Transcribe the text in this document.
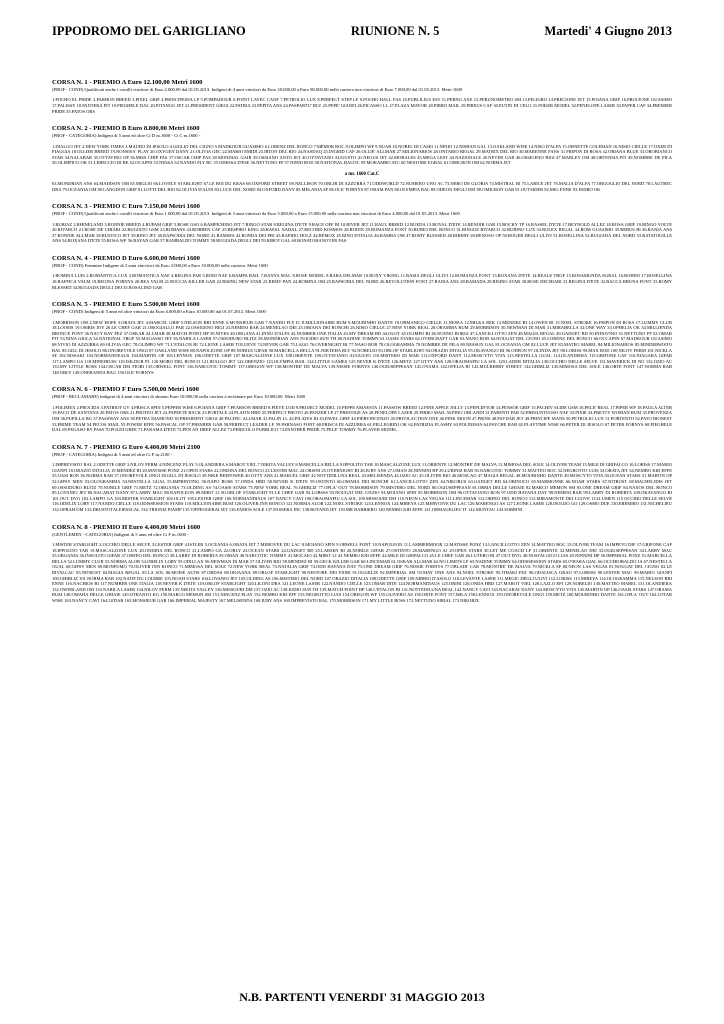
IPPODROMO DEL GARIGLIANO	RIUNIONE N. 5	Martedi' 4 Giugno 2013
CORSA N. 1 - PREMIO A Euro 12.100,00 Metri 1600
(PROF - COND) Qualificati anche i cavalli vincitori di Euro 2.000,00 dal 01.05.2013. Indigeni di 4 anni vincitori da Euro 20.000,00 a Euro 80.000,00 nella carriera non vincitori di Euro 7.000,00 dal 01.05.2013. Metri 1600
1.POCHO EL PRIDE 2.PARHON BREED 3.PIXEL GRIF 4.PRINCIPESSA LP 5.POMPADOUR 6.POINT LAVEC CANF 7.PETROLIO LUX 8.PERFECT STEP LF 9.POCHO HALL FAS 10.PUBLILIUS EST 11.PERNO AXE 12.PERUNOMETRO SM 13.PELIGRO 14.PRECIONE JET 15.POIANA GRIF 16.PROCIONE GUASIMO 17.PALISSY 18.PANTERA PIT 19.PIEGHELE DAL 20.PITANGO JET 21.PRESIDENT GIEGI 22.PATRIA 23.PEPITA ANS 24.PASPARTU' BLV 25.PEPE' GIANFI 26.PICASSO LL 27.PLAZA MAYOR 28.PIRRO MAIL 29.PIREUS CAF 30.PUTIN DI CELO 31.POKER MODEL 32.PENELOPE LASER 33.PAPER CAF 34.PREMIER PRIDE 35.PATOS ORS
CORSA N. 2 - PREMIO B Euro 8.800,00 Metri 1600
(PROF - CATEGORIA) Indigeni di 5 anni ed oltre Ct D m.1600 - Ct C m.1600 -
1.DIALGO JET 2.NEW YORK TIMES 3.MAURO DI JESOLO 4.GIGLIO DEL CIGNO 5.MADKOUR GUASIMO 6.LORENZ DEL RONCO 7.MEMOR ROC 8.OLIMPO WF 9.NUAR 10.NOBEL DI CASEI 11.NINIO 12.NISHAN GAL 13.OAKLAND WISE 14.NISO D'ALFA 15.ORNETTE COLEMAN 16.NISIO CIELLE 17.OXER DI PIAGGIA 18.OLLIER BREED 19.NONSISA' PLAY 20.OXYGEN DANY 21.OLIVIA GEC 22.MARIO EMIDI 23.IRTON DEL RIO 24.NASDAQ 25.INGRID CAF 26.OLLIE' ALLMAR 27.MILIONARIOS 28.ONTARIO REGAL 29.MATRIX DEL RIO 30.MARENNE FANS 31.FRIPON DI ROSA 32.ORIANA BLUE 33.OROBIANCO STAR 34.NALABAR 35.OTTAVINO OP 36.MISS CHIP FAS 37.OSCAR CHIP FAS 38.MONDIAL GAIR 39.OSSIANO ANTO JET 40.OTTAVIANO AUGUSTO 41.NEGUS JET 42.MORALES 43.MEGA LEST 44.NAZIONALE 45.NEVER GAR 46.OSSIGENO BIGI 47.MARLEY OM 48.ORTENSIA PIT 49.NOMBRE DE PILA 50.OLIMPICO OK 51.LEBECCIO DI RE 52.OCAPPA 53.NESSA 54.NANDO FLY RC 55.ODESSA D'ESE 56.NETTUNO FP 57.NINNI ROD 58.NATIONAL BALTIC 59.MOKAMBO ATC 60.NESTORE EGRAL 61.OMICRON OM 62.NORMA JET
a mt. 1600 Cat.C
63.MONDRIAN ANS 64.MADISON OM 65.MIGLIO 66.LOVELY STARLIGHT 67.LE ROI DU KRAS 68.OXFORD STREET 69.NELLISON 70.OBLIR DI AZZURRA 71.ODDWORLD 72.NUMERO UNO AC 73.NERO DE GLORIA 74.MISTRAL BI 75.LARICE JET 76.MALIA D'ALFA 77.ORGOGLIO DEL NORD 78.LAUTREC DRA 79.OCEANIA OM 80.LANGDON GRIF 81.LOTTI DEL RIO 82.OLIVIA D'ALFA 83.LUCE DEL NORD 84.OXFORD DANY 85.MELANIA SF 86.OLE' FORNYS 87.ORAM PAN 88.OLYMPIA BAL 89.ODEON DEGLI DEI 90.OMICRON GAR 91.OUTSIDER 92.MIG ENNE 93.INDRO OK
CORSA N. 3 - PREMIO C Euro 7.150,00 Metri 1600
(PROF - COND) Qualificati anche i cavalli vincitori di Euro 1.000,00 dal 01.05.2013. Indigeni di 3 anni vincitori da Euro 5.000,00 a Euro 15.000,00 nella carriera non vincitori di Euro 4.000,00 dal 01.05.2013. Metri 1600
1.RUBIAZ 2.RHINELAND 3.RONNIE BREED 4.RUPAM GRIF 5.ROSE GSO 6.RAMPICHINO JET 7.RINGO STAR 8.REGINA D'ETE 9.RACE OFF BI 10.RIVER JET 11.RAUL BREED 12.RUEDA 13.ROYAL D'ETE 14.RENOIR GAR 15.ROCKY TP 16.RASSEL D'ETE 17.REYNOLD ALLEZ 18.ROSA GRIF 19.RINGO VOLTE 20.RIVARCO 21.ROSE DE CHIARI 22.RUGGITO GSM 23.ROMANS 24.ROBBEN CAF 25.RESPIRO KING 26.RAFAL NADAL 27.RECORD KOSMOS 28.RODIN 29.ROMANZA FONT 30.RUBIO DEL RONCO 31.RINGOZ RIVARCO 32.RUBINO LUX 33.ROLEX REGAL 34.ROM GUASIMO 35.REBUS BI 36.RANIA ANS 37.RONNIE ALLMAR 38.RUSTICO JET 39.RINO JET 40.RAPSODIA DEL NORD 41.RAMSES 42.RONDA DEI PRI 43.RAPIDO HOLZ 44.REMOX 45.RINO D'ITALIA 46.RAMBA OM 47.ROMY BLESSED 48.RIBERY 49.RENOSO OP 50.ROGER DEGLI ULIVI 51.ROSELLINA 52.RUGIADA DEL NORD 53.RATATOUILLE ANS 54.ROXANA D'ETE 55.ROSA WF 56.RAYAN GAR 57.RAMBALDO TOMMY 58.RUGIADA DEGLI DEI 59.RIBOT GAL 60.RONATOHANOVER FAS
CORSA N. 4 - PREMIO D Euro 6.600,00 Metri 1600
(PROF - COND) Femmine Indigene di 3 anni vincitrici da Euro 3.000,00 a Euro 10.000,00 nella carriera. Metri 1600
1.ROMINA LUIS 2.ROMANTICA LUX 3.ROMANTICA NAF 4.REGINA PAR 5.RODI NAF 6.RAMPA BAIL 7.RANYA MAC 8.ROSE MODEL 9.RARA DELMAR 10.ROXY VIKING 11.RASIA DEGLI ULIVI 12.ROMANZA FONT 13.ROXANA D'ETE 14.REALE TRGF 15.ROSAMUNDA EGRAL 16.ROHINI 17.ROSELLINA 18.RAFFICA VALM 19.REGINA FORNYS 20.REA VALM 21.ROCCIA KILLER GAR 22.RISING NEW STAR 23.REMY PAN 24.ROMINA OM 25.RAPSODIA DEL NORD 26.REVOLUTION FONT 27.RANIA ANS 28.RAMADA 29.RISING STAR 30.ROSE DECHIARI 31.REGINA D'ETE 32.RACCA BRUNA FONT 33.ROMY BLESSED 34.RUGIADA DEGLI DEI 35.ROSALIND GAR
CORSA N. 5 - PREMIO E Euro 5.500,00 Metri 1600
(PROF - COND) Indigeni di 5 anni ed oltre vincitori da Euro 4.000,00 a Euro 10.000,00 dal 01.07.2012. Metri 1600
1.MORRISON OM 2.NEW HOPE 3.ORATA JET 4.MARCEL GRIF 5.NELSON BRI ENNE 6.MONSIEUR GAR 7.NANDO FLY IC 8.MILLIONAIRE RUM 9.MOURINHO DANTE 10.ORMANICO CIELLE 11.NESEA 12.MILKA REK 13.MENDEZ BI 14.OWEN BI 15.NOEL STROKE 16.FRIPON DI ROSA 17.LUMMY CLUB 18.LOOSIS 19.OSIRIS JOY 20.LE CHEF GAR 21.OROGIALLO PAR 22.OSSIGENO BIGI 23.NEMESI RAB 24.MENELAO DEI 25.ORIANA DEI RONCHI 26.NISIO CIELLE 27.NEW YORK REAL 28.ORAMMA RUM 29.MORRISON 30.NEWMAN DI MAR 31.MIRABELLA 32.ONE WAY 33.OPHELIA OK 34.MILLIENDA BRONCE FONT 36.NACY RAY FEZ 37.OSKAR ALLMAR 38.MATCH POINT HP 39.NIVES 40.ORGANA 41.INNO D'ALFA 42.NUMBER ONE ITALIA 43.MY DREAM BD 44.OLOT 45.OLIMPO BI 46.NONNO BORGI 47.LANCILLOTTO ZEN 48.MAGIA REGAL 49.GADGET BD 50.INDOVINO 51.NETTUNO FP 52.OMAR PIT 53.NINA GIULA 54.NATIONAL TRGF 55.MAGASSO JET 56.NABILA LASER 57.OSSODURO BLITZ 58.MONDRIAN ANS 59.IODIO SUN TH 60.NADINE TOMMY 61.OASIS STARS 62.OVERCRAFT GAR 63.NANO ROB 64.NOUGAT DEL CIGNO 65.LORENZ DEL RONCO 66.OCCAPPA 67.MADKOUR GUASIMO 68.VIVIO DI AZZURRA 69.OLIVIA GEC 70.OLIMPO WF 71.L'ETALON BI 72.LIONE LASER TOLUEVE 74.NEVER GAR 75.LAGO 76.OVERNIGHT BI 77.NASO ROB 78.OLOGRAMMA 79.NOMBRE DE PILA 80.NESSUN GAL 81.OCEANIA OM 82.LUCE JET 83.MATEO MABEL 84.MILIONARIOS 85.MINDERWISTO BAL 85.GILL DI JESOLO 86.ONOREVOLE ONGI 87.OAKLAND WISE 88.NAPOLEONE OP 89.NOBILE GIFAR 90.MARCELLA BELLA 91.NIKTEHA BLV 92.NOBELIO 93.ORLOF STARLIGHT 94.ORAZIO DITALIA 95.OKAVANGO BI 96.ODEON 97.OLINDA JET 98.LORISS 99.MAX ROD 100.NILOV FERM 101.NICKLA SF 102.NISSAKI 103.NORMANDEAUS 104.MARTIN OP 105.LENNOX 106.ODETTE GRIF 107.MASCALZONE LUX 108.ORIENTE 109.OTTAVIANO AUGUSTO 110.MISTERO DI MAR 111.OXFORD DANY 112.MOSCYTO VITA 113.NESTELLA GUAL 114.OLANDIERA 115.GRIFONE CAF 116.NIAGARA GIFAR 117.LAMPO GA 118.MINEIRUSS 119.ISILDUR PL 120.MORO DEL RONCO 121.IDALGO JET 122.ORENZIO 123.OLYMPIA BAIL 124.LITTLE GAMES 125.NEVER K D'ETE 126.METZ 127.OTTY ANS 128.ORAOMAPIU LA SOL 129.LADER DITALIA 130.OCCHIO DELLE SELVE 131.MAVERICK DI NO 132.OZIO AC 133.MY LITTLE BOSS 134.OSCAR DEI FIORI 135.ORWELL FONT 136.NARCOTIC TOMMY 137.OREGON WF 138.MONTRE' DE MALVA 139.NISSIE FORNYS 140.OGIUSEPPESAN 141.OYAMA 142.OFELIA BI 143.MULBERRY STREET 144.GHIBLIZ 145.MIMOSA DEL SOLE 146.ORTE FONT 147.NORMA RAB 148.ORLY 149.ONERANDA BAG 150.OLE' FORNYS
CORSA N. 6 - PREMIO F Euro 5.500,00 Metri 1600
(PROF - RECLAMARE) Indigeni di 4 anni vincitori di almeno Euro 10.000,00 nella carriera a reclamare per Euro 10.000,00. Metri 1600
1.POLIMEX 2.PROCIDA 3.PATRIOT GV 4.PRISCA SPIN 5.PEPPER WISE 6.POIANA GRIF 7.PEARSON BREED 8.PIEVE LOD 9.PROJECT MODEL 10.PEPPE AMAESTA 11.PASSOW BREED 12.PINE APPLE JOLLY 13.PEPLEFTOR 14.PENSOE GRIF 15.PACHIV SLIDE GSM 16.PELE' REAL 17.PIPER WF 18.PAULA ALTER 19.PACO DE SANTANA 20.PATOS ORS 21.PROTEO JET 22.PAPEETE BACK 23.PORTALE 24.PLATIN HBD 25.PERFECT PHOTO 26.PANZER LP 27.PRESTIGE AS 28.PENELOPE LASER 29.PIRRO MAIL 30.PINO ORLANDI 31.PARENTI PAR 32.PRESUNTUOSO NAF 33.PIXIE 34.PRETTY WOMAN RUM 35.PROVENZA OM 36.PUPILLA BG 37.PASSWAY ANS 38.PETRA DIAMOND 39.PRESIDENT GIEGI 40.PACIFIC ALLMAR 41.PALIN LL 42.PILATES BI 43.PAVEL GRIF 44.PIERVINCENZO 45.PRIVILACTION ONE 46.PINK MOON 47.PRINS 48.PAYDAR JET 49.PRINCIPE MANS 50.PETROLIO LUX 51.PORTENTO 52.PATO BIONEST 53.PRIME TEAM 54.PECOS MAIL 55.POWER EFFE 56.PASCAL OP 57.PREMIER GAR 58.PERFECT LEADER LF 59.PARNASO FONT 60.PRISCA DI AZZURRA 61.PELLEGRINI OK 62.PATRIZIA FLASHY 63.POLINESIA 64.PSYCHE RAB 65.PLAYTIME WISE 66.PETER DI JESOLO 67.PETER FORNYS 68.PIEGHELE DAL 69.PEGASO BY PASS 70.POLDI GREE 71.PANAMA D'ETE 72.PEN AN DREF ALLEZ 73.PERICOLO PUBBLICO 74.PANTHER PRIDE 75.PELE' TOMMY 76.PLAYER MODEL
CORSA N. 7 - PREMIO G Euro 4.400,00 Metri 2100
(PROF - CATEGORIA) Indigeni di 5 anni ed oltre Ct F m.2100 -
1.IMPREVISTO RAL 2.ODETTE GRIF 3.NILOV FERM 4.NINCENZ PLAY 5.OLANDIERA 6.MAROT VIEL 7.NIKITA VALLEY 8.MARCELLA BELLA 9.IPPOLITO TAB 10.MASCALZONE LUX 11.ORIENTE 12.MONTRE' DE MALVA 13.MIMOSA DEL SOLE 14.OLIVER TEAM 15.MILE DI GRIFALCO 16.LORISS 17.MARIO GIANFI 18.ORAZIO DITALIA 19.MENDEZ BI 20.MATISSE PONZ 21.OPEN STARS 22.ONDINA DEL RONCO 23.LESTER MAC 24.ORSINI 25.OVERNIGHT BI 26.IURY ANS 27.OMAN 28.NINNINI HP 29.LUBINIZ RAB 30.NARCOTIC TOMMY 31.MATTEO ROC 32.NEGROTTO LUIS 33.ORATA JET 34.NEMBO KID EFFE 35.OASI RON 36.NORMA RAB 37.ONOREVOLE ONGI 38.GILL DI JESOLO 39.NIKE BEEPOWER 40.OTTY ANS 41.MARCEL GRIF 42.NOTTIDILUNA REAL 43.MELISENDA 44.OZIO AC 45.OLIVER BIO 46.MOSCAO 47.MAGIA REGAL 48.MOURINHO DANTE 49.MOSCYTO VITA 50.OCEAN STARS 51.MARTIN OP 52.GIPSY MEN 53.OLOGRAMMA 54.NESTELLA GUAL 55.IMPRINTING 56.NAPO ROSE 57.ONDA HBD 58.NEVER K D'ETE 59.OSTINTO 60.OMAHA DEI RONCHI 61.LANCILLOTTO ZEN 62.NIKOBUS 63.GADGET BD 64.ORINOCO 65.MARMONNE 66.NOAH STARS 67.NITROST 68.MACHELIDIS JET 69.OSSODURO BLITZ 70.NOBILE GRIF 71.METZ 72.ORGANIA 73.OLDING AS 74.OASIS STARS 75.NEW YORK REAL 76.GHIBLIZ 77.OPLA' OUT 78.MORRISON 79.MISTERO DEL NORD 80.OGIUSEPPESAN 81.ORMA DELLE GHIAIE 82.MARCO MEMON SM 83.ONE DREAM GRIF 84.NAXOS DEL RONCO 85.LOVANIO JET 86.NACARAT DANY 87.LARRY MAC 88.NAPOLEON 89.MIRO' LI 90.ORLOF STARLIGHT 91.LE CHEF GAR 92.LOBSSS 93.NOUGAT DEL CIGNO 94.MOIANO SPIN 95.MORRISON OM 96.OTTAVIANO RON 97.ODD HAVANA DAY 98.NEMESI RAB 99.LARRY DI ROBERTA 100.OKAVANGO BI 101.OUT DVG 102.LAMPO GA 103.MISTER STARLIGHT 104.OLOT 105.LESTER GRIF 106.NORMANDIAUS 107.NANCY CAVI 108.ORAOMAPIU LA SOL 109.MISSOURI DM 110.NEON LAS VEGAS 111.LINCEMAR 112.ORFEO DEL RONCO 113.MIRAMONTE DEI LUOVE 114.LUMEN 115.OCCHIO DELLE SELVE 116.ODELIX LORY 117.NANDO CIELLE 118.ODISSESSION STARS 119.MILLIONAIRE RUM 120.OLIVER INN RONCO 121.NORMA ALOR 122.NOEL STROKE 123.LENNOX 124.MIREYA 125.MERVOIVE DU LAC 126.MARENGO AS 127.LEONE LASER 128.ISOLDO GO 129.OSMO DUE 130.EREMIRO 131.NICHELIEU 132.OPRAH OM 133.DRUSTOTALEIPASCAL 134.TRIONIZ PIAMP 135.TIFPEOGERAI JET 136.FAMOS SOLE 137.PASSERA INC 138.ROTAND JET 139.MR BARBIERO 140.NEMBO KID EFFE 141.ORMAGELIEU IT 142.MUNTAU 143.SORRINI
CORSA N. 8 - PREMIO H Euro 4.400,00 Metri 1600
(GENTLEMEN - CATEGORIA) Indigeni di 5 anni ed oltre Ct F m.1600 -
1.MISTER STARLIGHT 2.OCCHIO DELLE SELVE 3.LESTER GRIF 4.ISTLER 5.OCEANIA 6.ORATA JET 7.MEROVEE DU LAC 8.MOIANO SPIN 9.ORWELL FONT 10.NAPOLEON 11.LAMMERMOOR 12.MATISSE PONZ 13.LANCILLOTTO ZEN 14.MATTEO ROC 15.OLIVER TEAM 16.IMPETO DIF 17.GRIFONE CAF 18.IPPOLITO TAB 19.MASCALZONE LUX 20.ONDINA DEL RONCO 21.LAMPO GA 22.ORLY 23.OCEAN STARS 24.GADGET BD 25.LARSEN BI 26.NOBILE GIFAR 27.OSTINTO 28.MARENGO AJ 29.OPEN STARS 30.LET ME COACH LF 31.ORIENTE 32.MENELAO DEI 33.OGIUSEPPESAN 34.LARRY MAC 35.ORGANIA 36.INSOLITO GIFAR 37.ORFEO DEL RONCO 38.LARRY DI ROBERTA 39.OMAN 40.NARCOTIC TOMMY 41.MOCAIO 42.MIRO' LI 43.NEMBO KID EFFE 44.MILE DI GRIFALCO 45.LE CHEF GAR 46.LUTERO BI 47.OUT DVG 48.NOSTALGICO LUIS 49.NINNINI HP 50.IMPERIAL PONZ 51.MARCELLA BELLA 52.LUMMY CLUB 53.NORMA ALOR 54.OBELIX LORY 55.ODILLAX 56.NEWMAN DI MAR 57.OLIVER BIO 58.MENDEZ BI 59.GECK KILLER GAR 60.LINCEMAR 61.OSKAR ALLMAR 62.NO LIMITS LF 63.NADINE TOMMY 64.ODISSESSION STARS 65.O'HARA GIAL 66.OCCHIOBALDO JA 67.NESTELLA GUAL 68.GIPSY MEN 69.MONFUMO 70.OLIVER INN RONCO 71.MIMOSA DEL SOLE 72.NEW YORK REAL 73.NATALIA GRIF 74.ODD HAVANA DAY 75.ONE DREAM GRIF 76.NISSIE FORNYS 77.OBLADI' CAR 78.MONTRE' DE MALVA 79.NICKLA SF 80.NEON LAS VEGAS 81.NOUGAT DEL CIGNO 82.LE BIVALLAC 83.NITROST 84.MAGIA REGAL 85.LA SOL 86.MOISE ALTIS 87.ORDAS 88.OKIAANA 89.ORLOF STARLIGHT 90.NESTORE DEI FIORI 91.OGGELIX 92.IMPERIAL SM 93.MAY ONE ANS 94.NOEL STROKE 95.ITHAKI FEZ 96.ODALISCA GRAO 97.LOBSSS 98.LESTER MAC 99.MARIO GIANFI 100.GHIBLIZ 101.NORMA RAB 102.NATIF DU LOURRE 103.NOAH STARS 104.LOVANIO JET 105.OLDING AS 106.MISTERO DEL NORD 107.ORAZIO DITALIA 108.ODETTE GRIF 109.NIBBIO D'ASOLO 110.LEVANTE LASER 111.MEGIC DEGLI ULIVI 112.LORISS 113.MIREYA 114.OLOGRAMMA 115.NELSON BRI ENNE 116.NACHIOS BI 117.NUMBER ONE ITALIA 118.NEVER K D'ETE 119.ORLOF STARLIGHT 120.LILONI DRA 121.LEONE LASER 122.NANDO CIELLE 123.OMAR DITE 124.NORMANDIAUS 125.ORINI 126.ONDA HBD 127.MAROT VIEL 128.LAZLO EPI 129.NOBELIO 130.MATTEO MABEL 131.OLANDIERA 132.OWERLAND OM 133.NABILA LASER 134.NILOV FERM 135.NIKITA VALLEY 136.MISSOURI DM 137.OZIO AC 138.IODIO SUN TH 139.MATCH POINT HP 140.L'ETALON BI 141.NOTTEDILUNA REAL 142.NANCY CAVI 143.NACARAT DANY 144.MOSCYTO VITA 145.MARTIN OP 146.OASIS STARS 147.ORAMA RUM 148.OMAHA DELLE GHIAIE 149.OTRANTO KG 150.MARCO MEMON SM 151.NINCENZ PLAY 152.NEMBO KID EFF 153.NEGROTTO LUIS 154.OREGON WF 155.OLIVERO AS 156.ORTE FONT 157.MILA 158.LENNOX 159.ONOREVOLE ONGI 159.METZ 160.MOURINHO DANTE 161.OPLA' OUT 162.LOTAR WISE 163.NANCY CAVI 164.LEDAR 165.MONSIEUR GAR 166.IMPERIAL MAJESTY 167.MELISENDA 168.IURY ANS 169.IMPREVISTO RAL 170.MORRISON 171.MY LITTLE BOSS 172.NETTUNO SIRIAL 173.NIKORIX
N.B. PARTENTI VENERDI' 31 MAGGIO 2013
